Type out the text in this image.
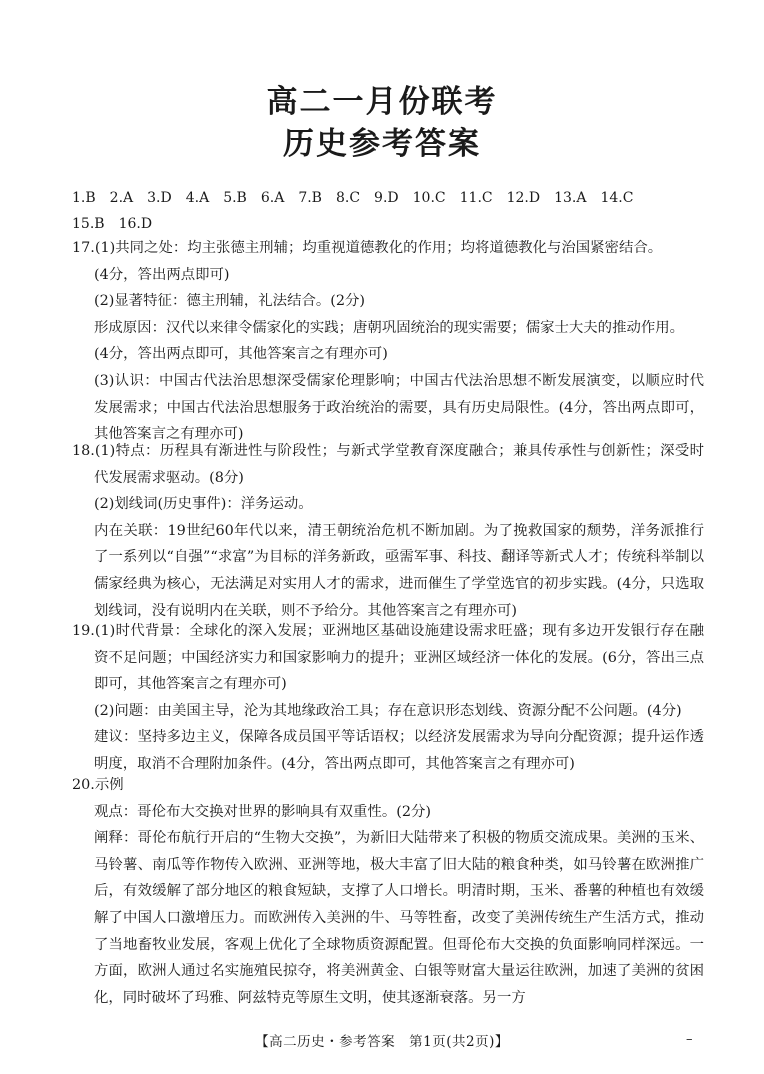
高二一月份联考
历史参考答案
1.B 2.A 3.D 4.A 5.B 6.A 7.B 8.C 9.D 10.C 11.C 12.D 13.A 14.C
15.B 16.D

17.(1)共同之处：均主张德主刑辅；均重视道德教化的作用；均将道德教化与治国紧密结合。

(4分，答出两点即可)

(2)显著特征：德主刑辅，礼法结合。(2分)

形成原因：汉代以来律令儒家化的实践；唐朝巩固统治的现实需要；儒家士大夫的推动作用。

(4分，答出两点即可，其他答案言之有理亦可)

(3)认识：中国古代法治思想深受儒家伦理影响；中国古代法治思想不断发展演变，以顺应时代发展需求；中国古代法治思想服务于政治统治的需要，具有历史局限性。(4分，答出两点即可，其他答案言之有理亦可)

18.(1)特点：历程具有渐进性与阶段性；与新式学堂教育深度融合；兼具传承性与创新性；深受时代发展需求驱动。(8分)

(2)划线词(历史事件)：洋务运动。

内在关联：19世纪60年代以来，清王朝统治危机不断加剧。为了挽救国家的颓势，洋务派推行了一系列以“自强”“求富”为目标的洋务新政，亟需军事、科技、翻译等新式人才；传统科举制以儒家经典为核心，无法满足对实用人才的需求，进而催生了学堂选官的初步实践。(4分，只选取划线词，没有说明内在关联，则不予给分。其他答案言之有理亦可)

19.(1)时代背景：全球化的深入发展；亚洲地区基础设施建设需求旺盛；现有多边开发银行存在融资不足问题；中国经济实力和国家影响力的提升；亚洲区域经济一体化的发展。(6分，答出三点即可，其他答案言之有理亦可)

(2)问题：由美国主导，沦为其地缘政治工具；存在意识形态划线、资源分配不公问题。(4分)

建议：坚持多边主义，保障各成员国平等话语权；以经济发展需求为导向分配资源；提升运作透明度，取消不合理附加条件。(4分，答出两点即可，其他答案言之有理亦可)

20.示例

观点：哥伦布大交换对世界的影响具有双重性。(2分)

阐释：哥伦布航行开启的“生物大交换”，为新旧大陆带来了积极的物质交流成果。美洲的玉米、马铃薯、南瓜等作物传入欧洲、亚洲等地，极大丰富了旧大陆的粮食种类，如马铃薯在欧洲推广后，有效缓解了部分地区的粮食短缺，支撑了人口增长。明清时期，玉米、番薯的种植也有效缓解了中国人口激增压力。而欧洲传入美洲的牛、马等牲畜，改变了美洲传统生产生活方式，推动了当地畜牧业发展，客观上优化了全球物质资源配置。但哥伦布大交换的负面影响同样深远。一方面，欧洲人通过名实施殖民掠夺，将美洲黄金、白银等财富大量运往欧洲，加速了美洲的贫困化，同时破坏了玛雅、阿兹特克等原生文明，使其逐渐衰落。另一方

【高二历史・参考答案　第1页(共2页)】	–
